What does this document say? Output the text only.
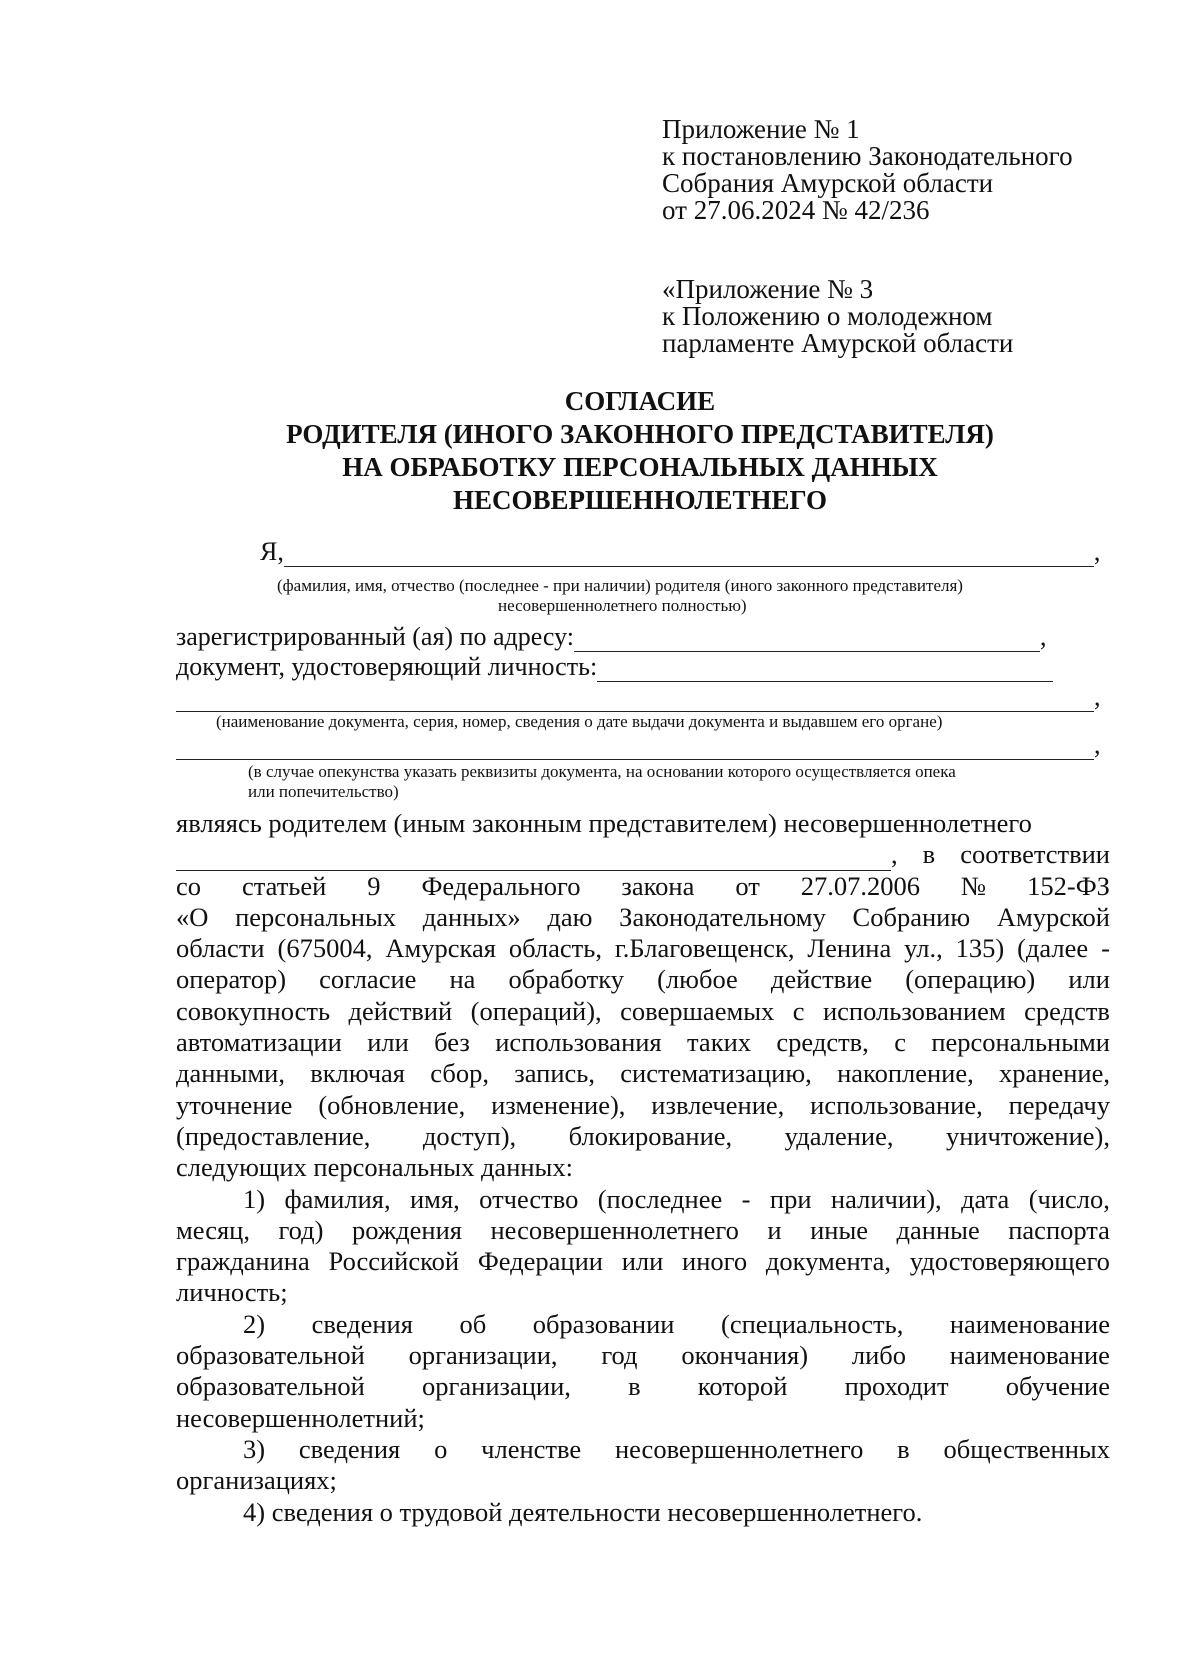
Приложение № 1
к постановлению Законодательного
Собрания Амурской области
от 27.06.2024 № 42/236
«Приложение № 3
к Положению о молодежном
парламенте Амурской области
СОГЛАСИЕ
РОДИТЕЛЯ (ИНОГО ЗАКОННОГО ПРЕДСТАВИТЕЛЯ)
НА ОБРАБОТКУ ПЕРСОНАЛЬНЫХ ДАННЫХ
НЕСОВЕРШЕННОЛЕТНЕГО
Я,	,
(фамилия, имя, отчество (последнее - при наличии) родителя (иного законного представителя)
несовершеннолетнего полностью)
зарегистрированный (ая) по адресу:	,
документ, удостоверяющий личность:
,
(наименование документа, серия, номер, сведения о дате выдачи документа и выдавшем его органе)
,
(в случае опекунства указать реквизиты документа, на основании которого осуществляется опека
или попечительство)
являясь родителем (иным законным представителем) несовершеннолетнего
, в соответствии
со статьей 9 Федерального закона от 27.07.2006 № 152-ФЗ
«О персональных данных» даю Законодательному Собранию Амурской
области (675004, Амурская область, г.Благовещенск, Ленина ул., 135) (далее -
оператор) согласие на обработку (любое действие (операцию) или
совокупность действий (операций), совершаемых с использованием средств
автоматизации или без использования таких средств, с персональными
данными, включая сбор, запись, систематизацию, накопление, хранение,
уточнение (обновление, изменение), извлечение, использование, передачу
(предоставление, доступ), блокирование, удаление, уничтожение),
следующих персональных данных:
1) фамилия, имя, отчество (последнее - при наличии), дата (число,
месяц, год) рождения несовершеннолетнего и иные данные паспорта
гражданина Российской Федерации или иного документа, удостоверяющего
личность;
2) сведения об образовании (специальность, наименование
образовательной организации, год окончания) либо наименование
образовательной организации, в которой проходит обучение
несовершеннолетний;
3) сведения о членстве несовершеннолетнего в общественных
организациях;
4) сведения о трудовой деятельности несовершеннолетнего.
